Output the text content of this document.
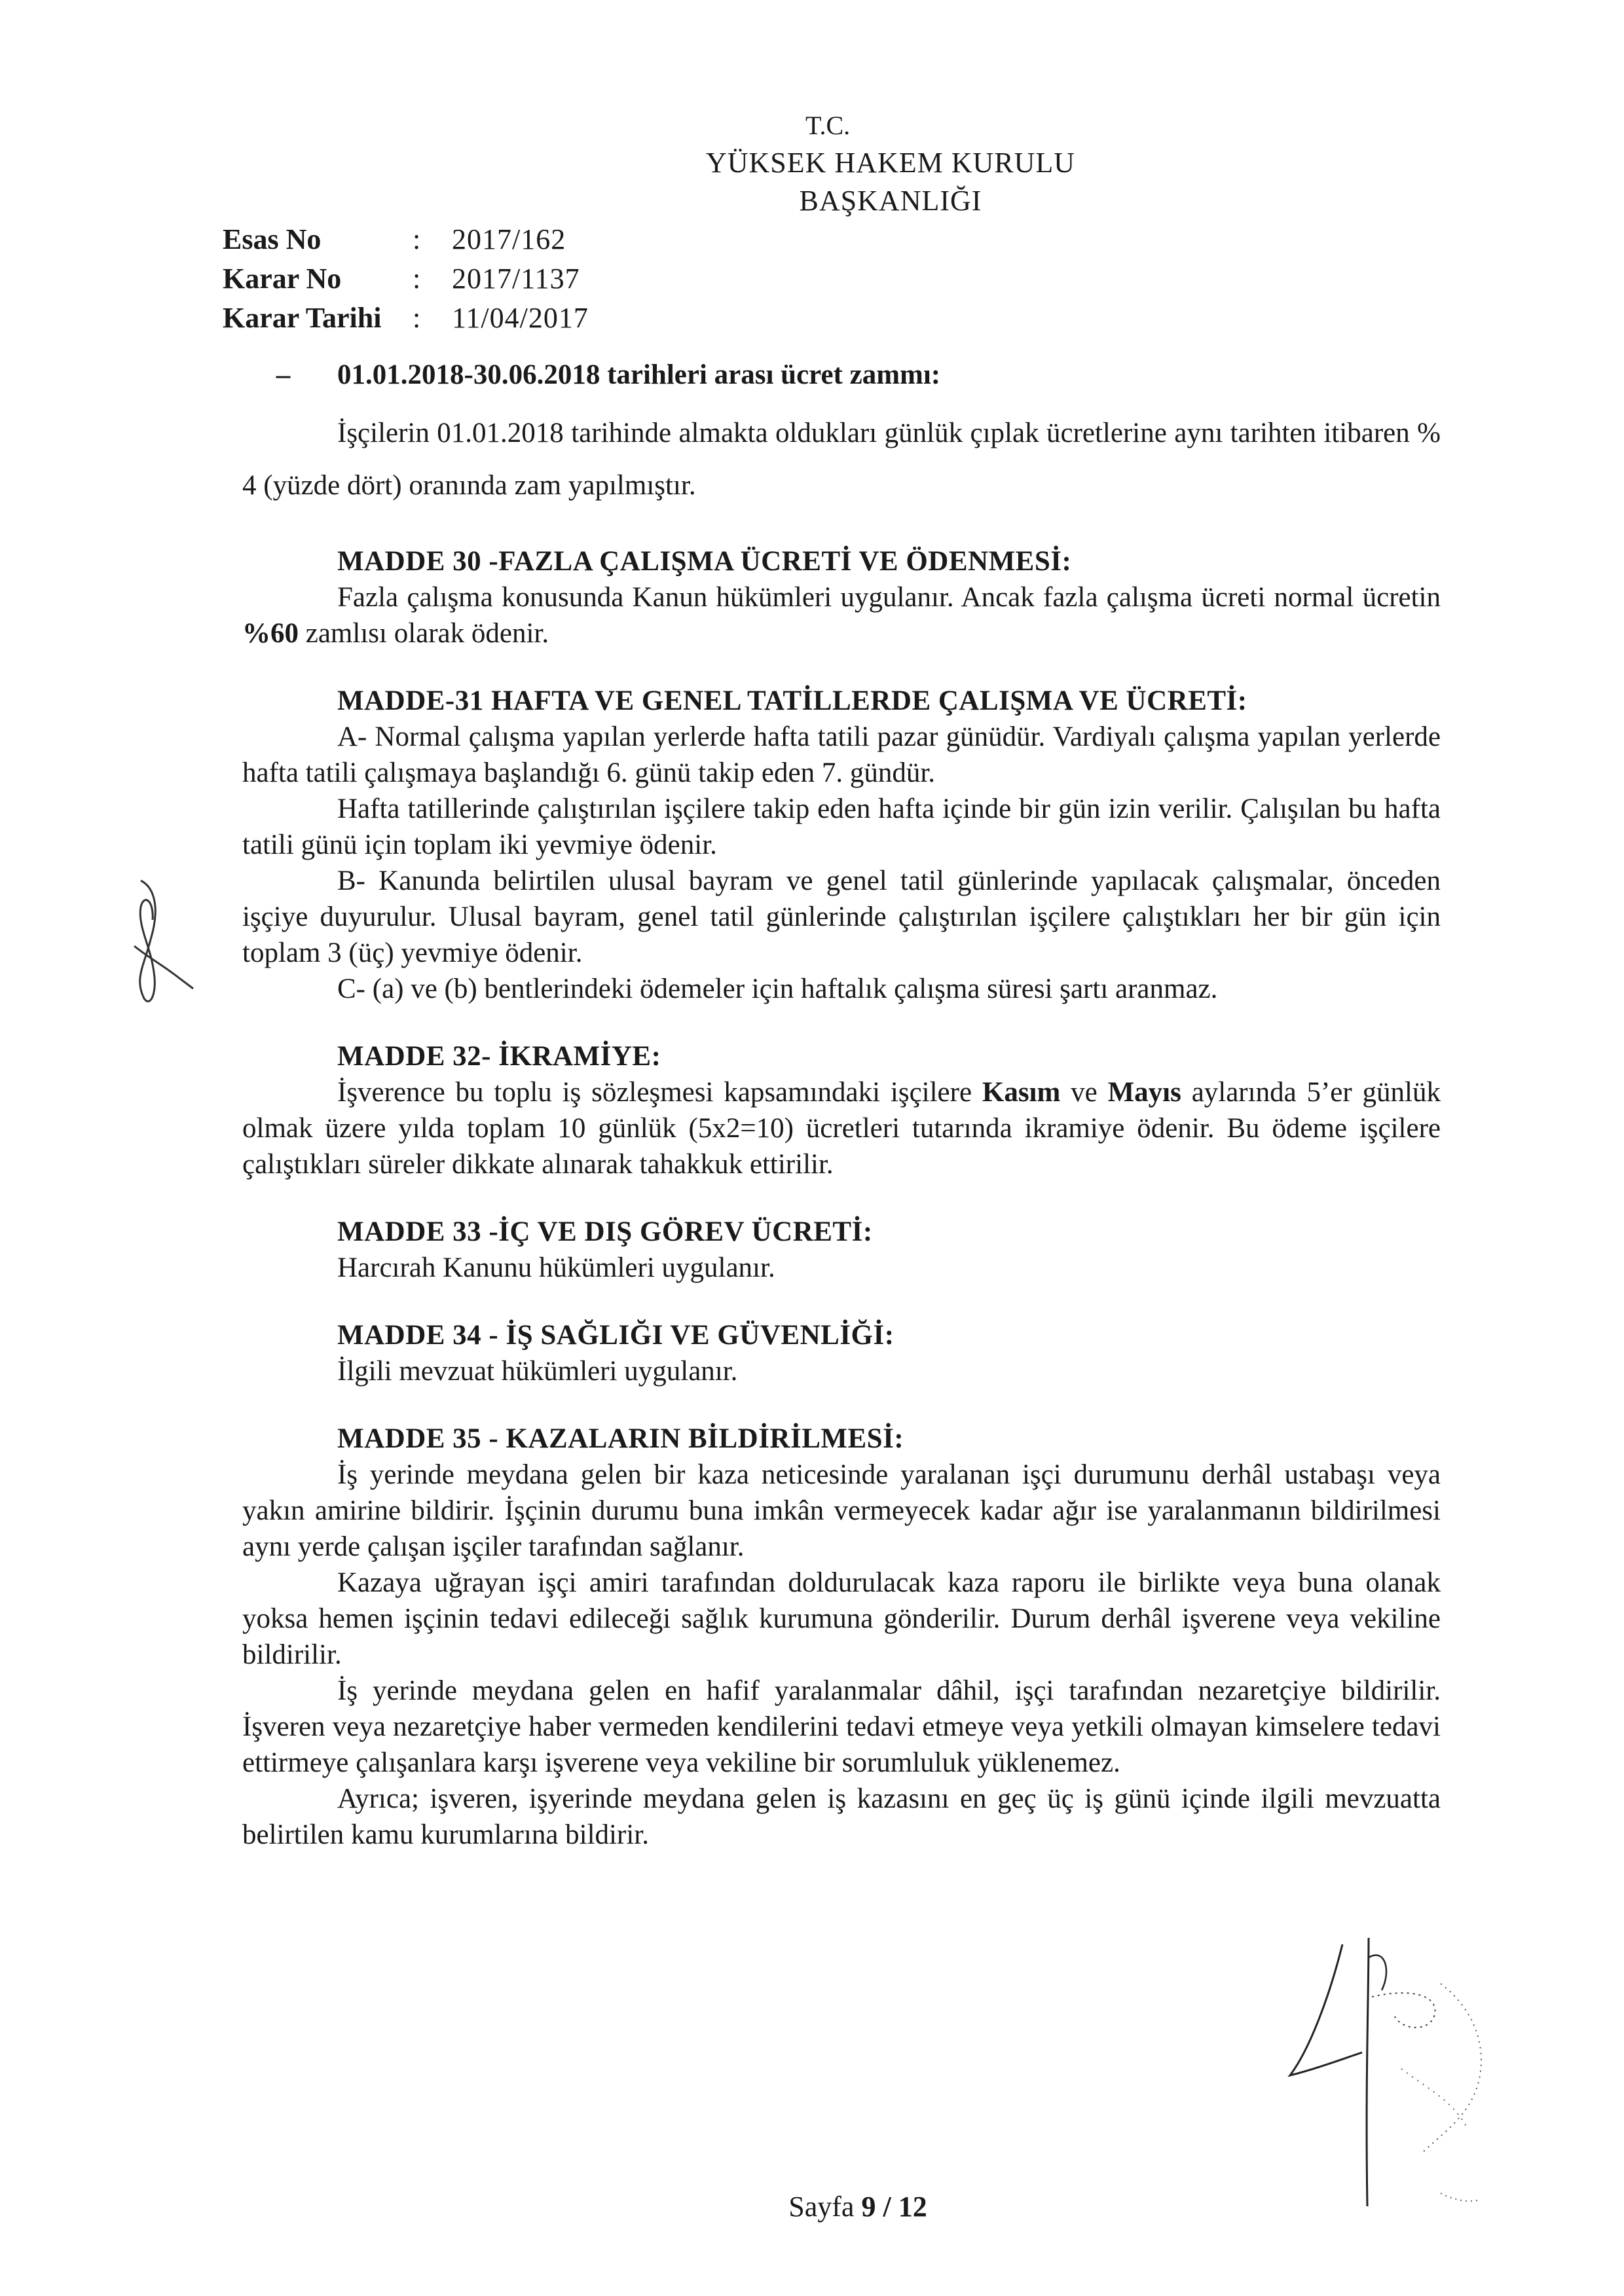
T.C.
YÜKSEK HAKEM KURULU
BAŞKANLIĞI
Esas No	:	2017/162
Karar No	:	2017/1137
Karar Tarihi	:	11/04/2017
–	01.01.2018-30.06.2018 tarihleri arası ücret zammı:

İşçilerin 01.01.2018 tarihinde almakta oldukları günlük çıplak ücretlerine aynı tarihten itibaren % 4 (yüzde dört) oranında zam yapılmıştır.

MADDE 30 -FAZLA ÇALIŞMA ÜCRETİ VE ÖDENMESİ:

Fazla çalışma konusunda Kanun hükümleri uygulanır. Ancak fazla çalışma ücreti normal ücretin %60 zamlısı olarak ödenir.

MADDE-31 HAFTA VE GENEL TATİLLERDE ÇALIŞMA VE ÜCRETİ:

A- Normal çalışma yapılan yerlerde hafta tatili pazar günüdür. Vardiyalı çalışma yapılan yerlerde hafta tatili çalışmaya başlandığı 6. günü takip eden 7. gündür.

Hafta tatillerinde çalıştırılan işçilere takip eden hafta içinde bir gün izin verilir. Çalışılan bu hafta tatili günü için toplam iki yevmiye ödenir.

B- Kanunda belirtilen ulusal bayram ve genel tatil günlerinde yapılacak çalışmalar, önceden işçiye duyurulur. Ulusal bayram, genel tatil günlerinde çalıştırılan işçilere çalıştıkları her bir gün için toplam 3 (üç) yevmiye ödenir.

C- (a) ve (b) bentlerindeki ödemeler için haftalık çalışma süresi şartı aranmaz.

MADDE 32- İKRAMİYE:

İşverence bu toplu iş sözleşmesi kapsamındaki işçilere Kasım ve Mayıs aylarında 5’er günlük olmak üzere yılda toplam 10 günlük (5x2=10) ücretleri tutarında ikramiye ödenir. Bu ödeme işçilere çalıştıkları süreler dikkate alınarak tahakkuk ettirilir.

MADDE 33 -İÇ VE DIŞ GÖREV ÜCRETİ:

Harcırah Kanunu hükümleri uygulanır.

MADDE 34 - İŞ SAĞLIĞI VE GÜVENLİĞİ:

İlgili mevzuat hükümleri uygulanır.

MADDE 35 - KAZALARIN BİLDİRİLMESİ:

İş yerinde meydana gelen bir kaza neticesinde yaralanan işçi durumunu derhâl ustabaşı veya yakın amirine bildirir. İşçinin durumu buna imkân vermeyecek kadar ağır ise yaralanmanın bildirilmesi aynı yerde çalışan işçiler tarafından sağlanır.

Kazaya uğrayan işçi amiri tarafından doldurulacak kaza raporu ile birlikte veya buna olanak yoksa hemen işçinin tedavi edileceği sağlık kurumuna gönderilir. Durum derhâl işverene veya vekiline bildirilir.

İş yerinde meydana gelen en hafif yaralanmalar dâhil, işçi tarafından nezaretçiye bildirilir. İşveren veya nezaretçiye haber vermeden kendilerini tedavi etmeye veya yetkili olmayan kimselere tedavi ettirmeye çalışanlara karşı işverene veya vekiline bir sorumluluk yüklenemez.

Ayrıca; işveren, işyerinde meydana gelen iş kazasını en geç üç iş günü içinde ilgili mevzuatta belirtilen kamu kurumlarına bildirir.

Sayfa 9 / 12
